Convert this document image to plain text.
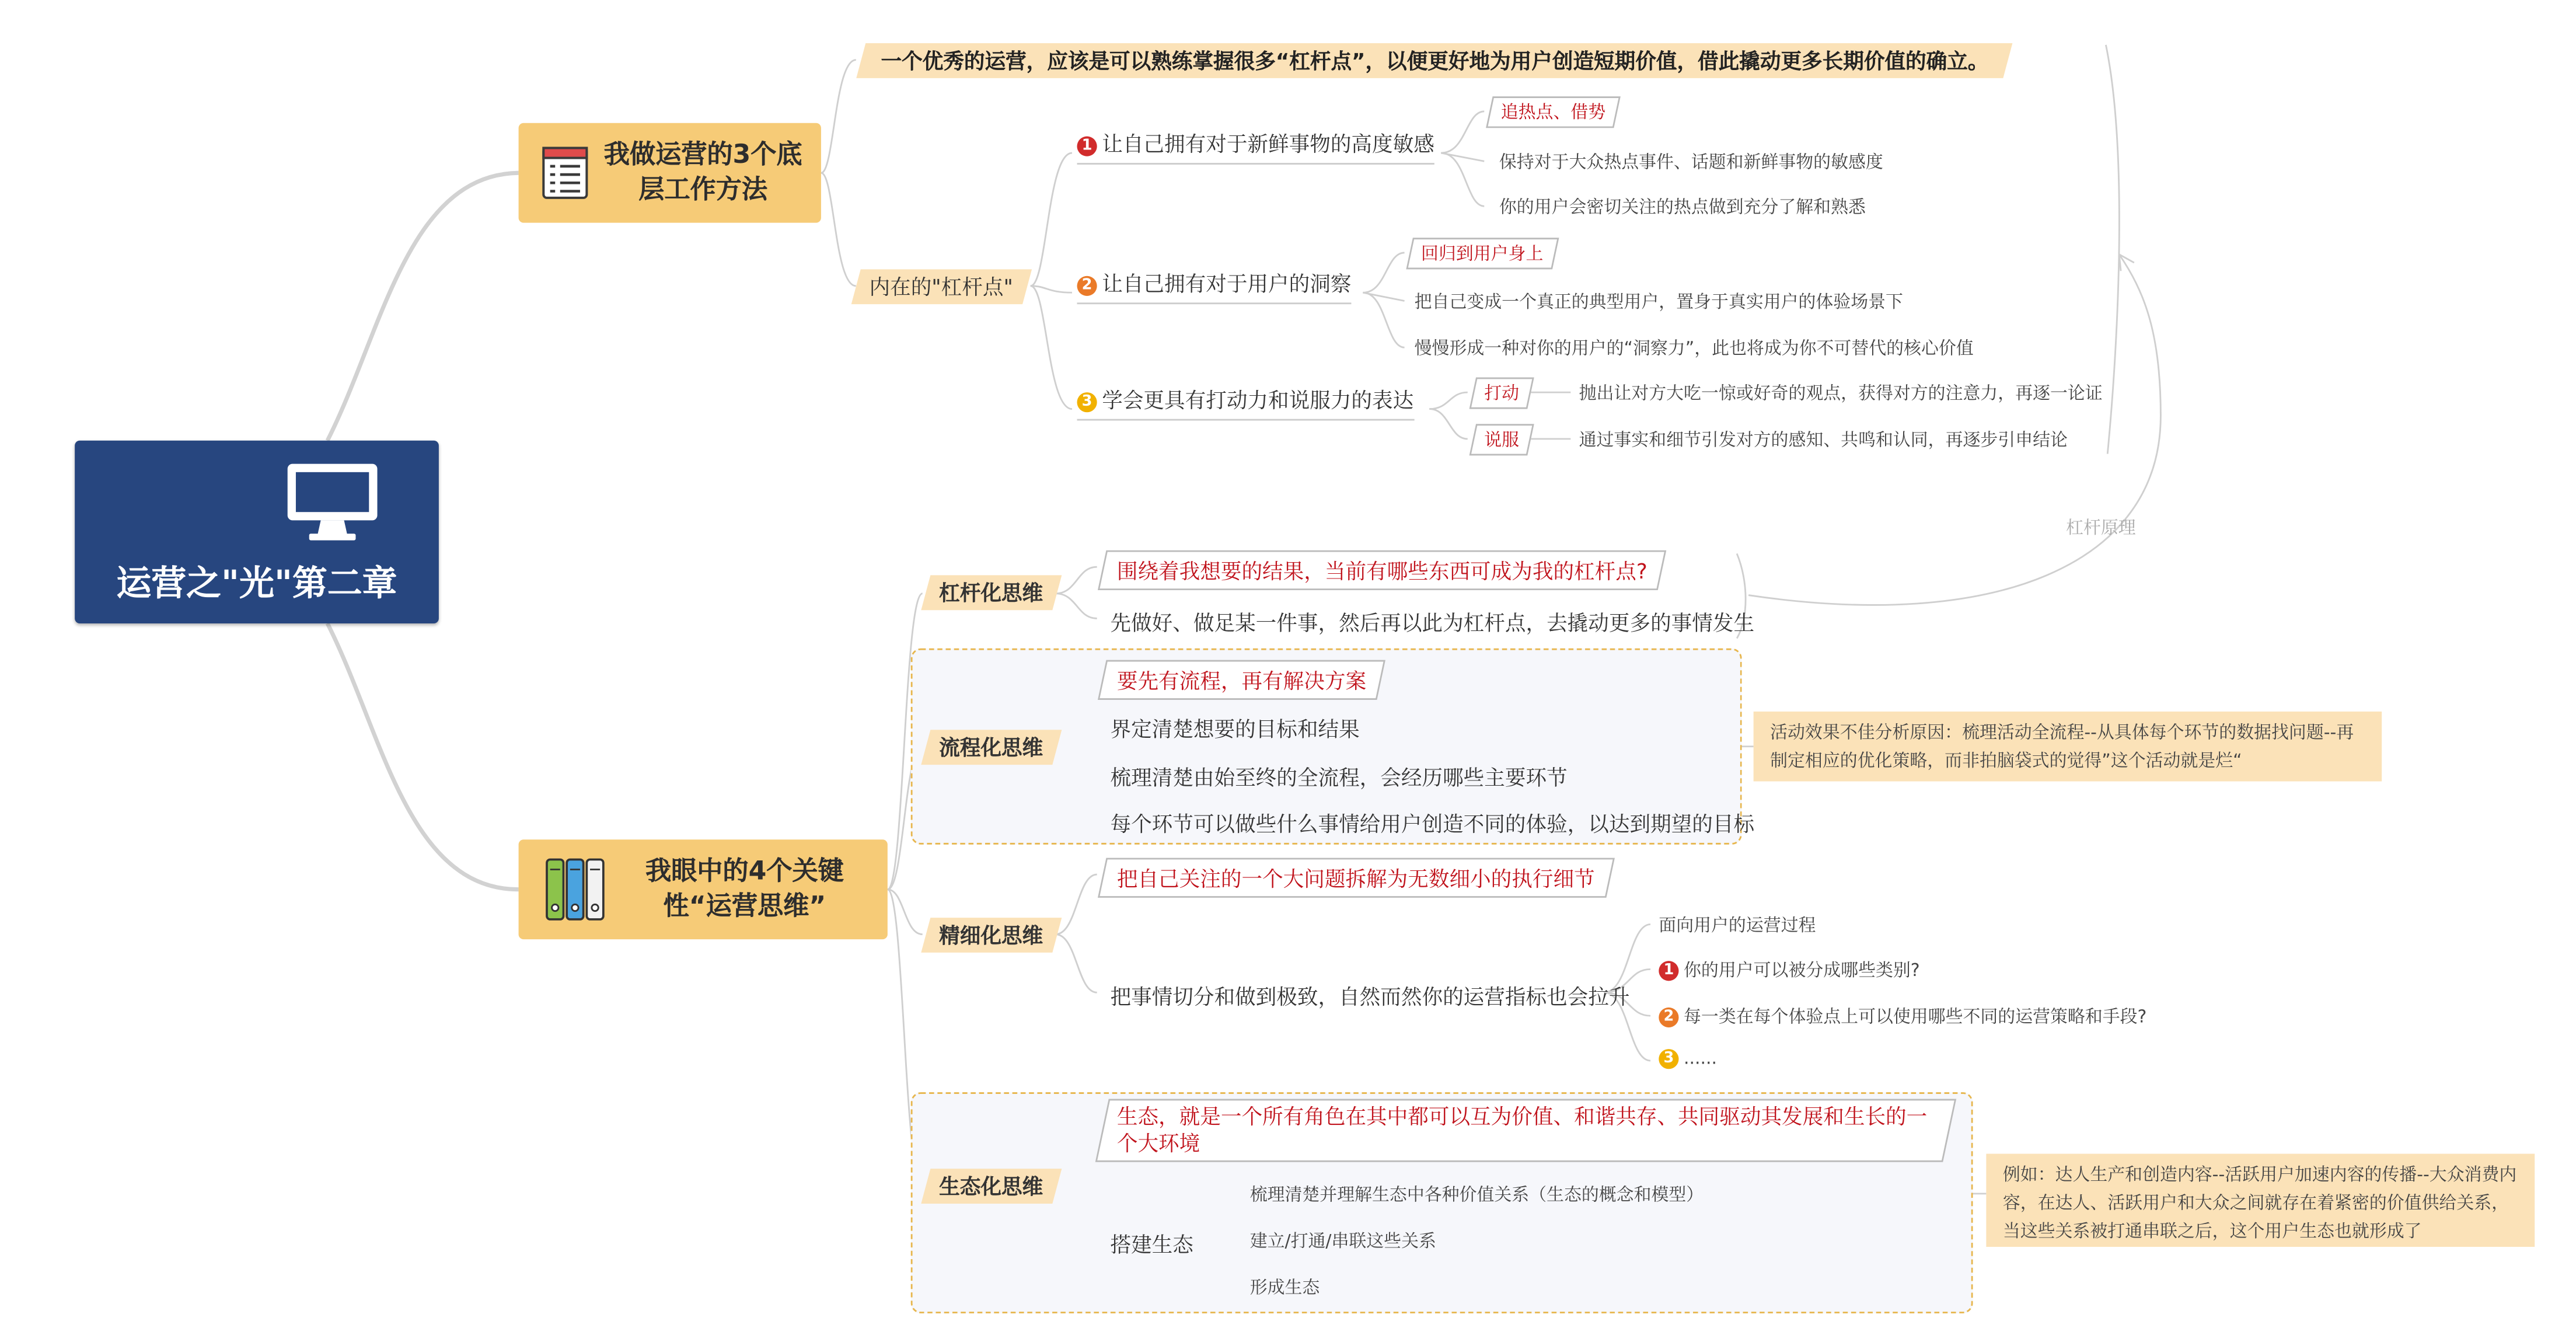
运营之"光"第二章
我做运营的3个底层工作方法
一个优秀的运营，应该是可以熟练掌握很多“杠杆点”，以便更好地为用户创造短期价值，借此撬动更多长期价值的确立。
内在的"杠杆点"
1 让自己拥有对于新鲜事物的高度敏感
追热点、借势
保持对于大众热点事件、话题和新鲜事物的敏感度
你的用户会密切关注的热点做到充分了解和熟悉
2 让自己拥有对于用户的洞察
回归到用户身上
把自己变成一个真正的典型用户，置身于真实用户的体验场景下
慢慢形成一种对你的用户的“洞察力”，此也将成为你不可替代的核心价值
3 学会更具有打动力和说服力的表达	打动	抛出让对方大吃一惊或好奇的观点，获得对方的注意力，再逐一论证
说服	通过事实和细节引发对方的感知、共鸣和认同，再逐步引申结论
杠杆原理
我眼中的4个关键性“运营思维”
杠杆化思维
围绕着我想要的结果，当前有哪些东西可成为我的杠杆点?
先做好、做足某一件事，然后再以此为杠杆点，去撬动更多的事情发生
流程化思维
要先有流程，再有解决方案
界定清楚想要的目标和结果
梳理清楚由始至终的全流程，会经历哪些主要环节
每个环节可以做些什么事情给用户创造不同的体验，以达到期望的目标
活动效果不佳分析原因：梳理活动全流程--从具体每个环节的数据找问题--再制定相应的优化策略，而非拍脑袋式的觉得”这个活动就是烂“
精细化思维
把自己关注的一个大问题拆解为无数细小的执行细节
把事情切分和做到极致，自然而然你的运营指标也会拉升
面向用户的运营过程
1 你的用户可以被分成哪些类别?
2 每一类在每个体验点上可以使用哪些不同的运营策略和手段?
3 ......
生态化思维
生态，就是一个所有角色在其中都可以互为价值、和谐共存、共同驱动其发展和生长的一个大环境
搭建生态
梳理清楚并理解生态中各种价值关系（生态的概念和模型）
建立/打通/串联这些关系
形成生态
例如：达人生产和创造内容--活跃用户加速内容的传播--大众消费内容，在达人、活跃用户和大众之间就存在着紧密的价值供给关系，当这些关系被打通串联之后，这个用户生态也就形成了
